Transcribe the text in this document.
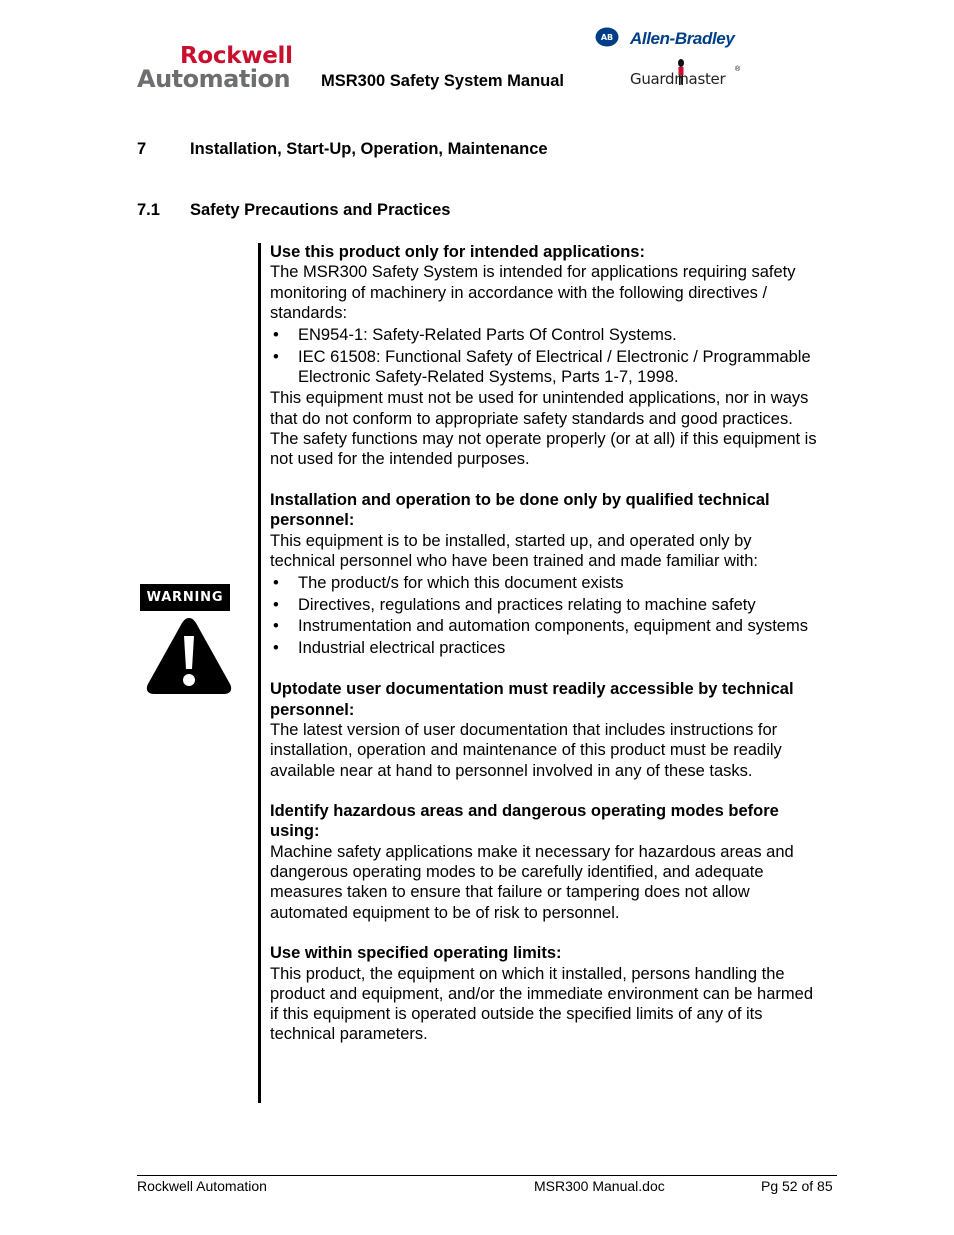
Rockwell
Automation	MSR300 Safety System Manual
AB Allen-Bradley
Guardmaster
®
7	Installation, Start-Up, Operation, Maintenance
7.1 Safety Precautions and Practices
WARNING

Use this product only for intended applications:

The MSR300 Safety System is intended for applications requiring safety monitoring of machinery in accordance with the following directives / standards:

• EN954-1: Safety-Related Parts Of Control Systems.
• IEC 61508: Functional Safety of Electrical / Electronic / Programmable Electronic Safety-Related Systems, Parts 1-7, 1998.

This equipment must not be used for unintended applications, nor in ways that do not conform to appropriate safety standards and good practices. The safety functions may not operate properly (or at all) if this equipment is not used for the intended purposes.

Installation and operation to be done only by qualified technical personnel:

This equipment is to be installed, started up, and operated only by technical personnel who have been trained and made familiar with:

• The product/s for which this document exists
• Directives, regulations and practices relating to machine safety
• Instrumentation and automation components, equipment and systems
• Industrial electrical practices

Uptodate user documentation must readily accessible by technical personnel:

The latest version of user documentation that includes instructions for installation, operation and maintenance of this product must be readily available near at hand to personnel involved in any of these tasks.

Identify hazardous areas and dangerous operating modes before using:

Machine safety applications make it necessary for hazardous areas and dangerous operating modes to be carefully identified, and adequate measures taken to ensure that failure or tampering does not allow automated equipment to be of risk to personnel.

Use within specified operating limits:

This product, the equipment on which it installed, persons handling the product and equipment, and/or the immediate environment can be harmed if this equipment is operated outside the specified limits of any of its technical parameters.

Rockwell Automation	MSR300 Manual.doc	Pg 52 of 85
